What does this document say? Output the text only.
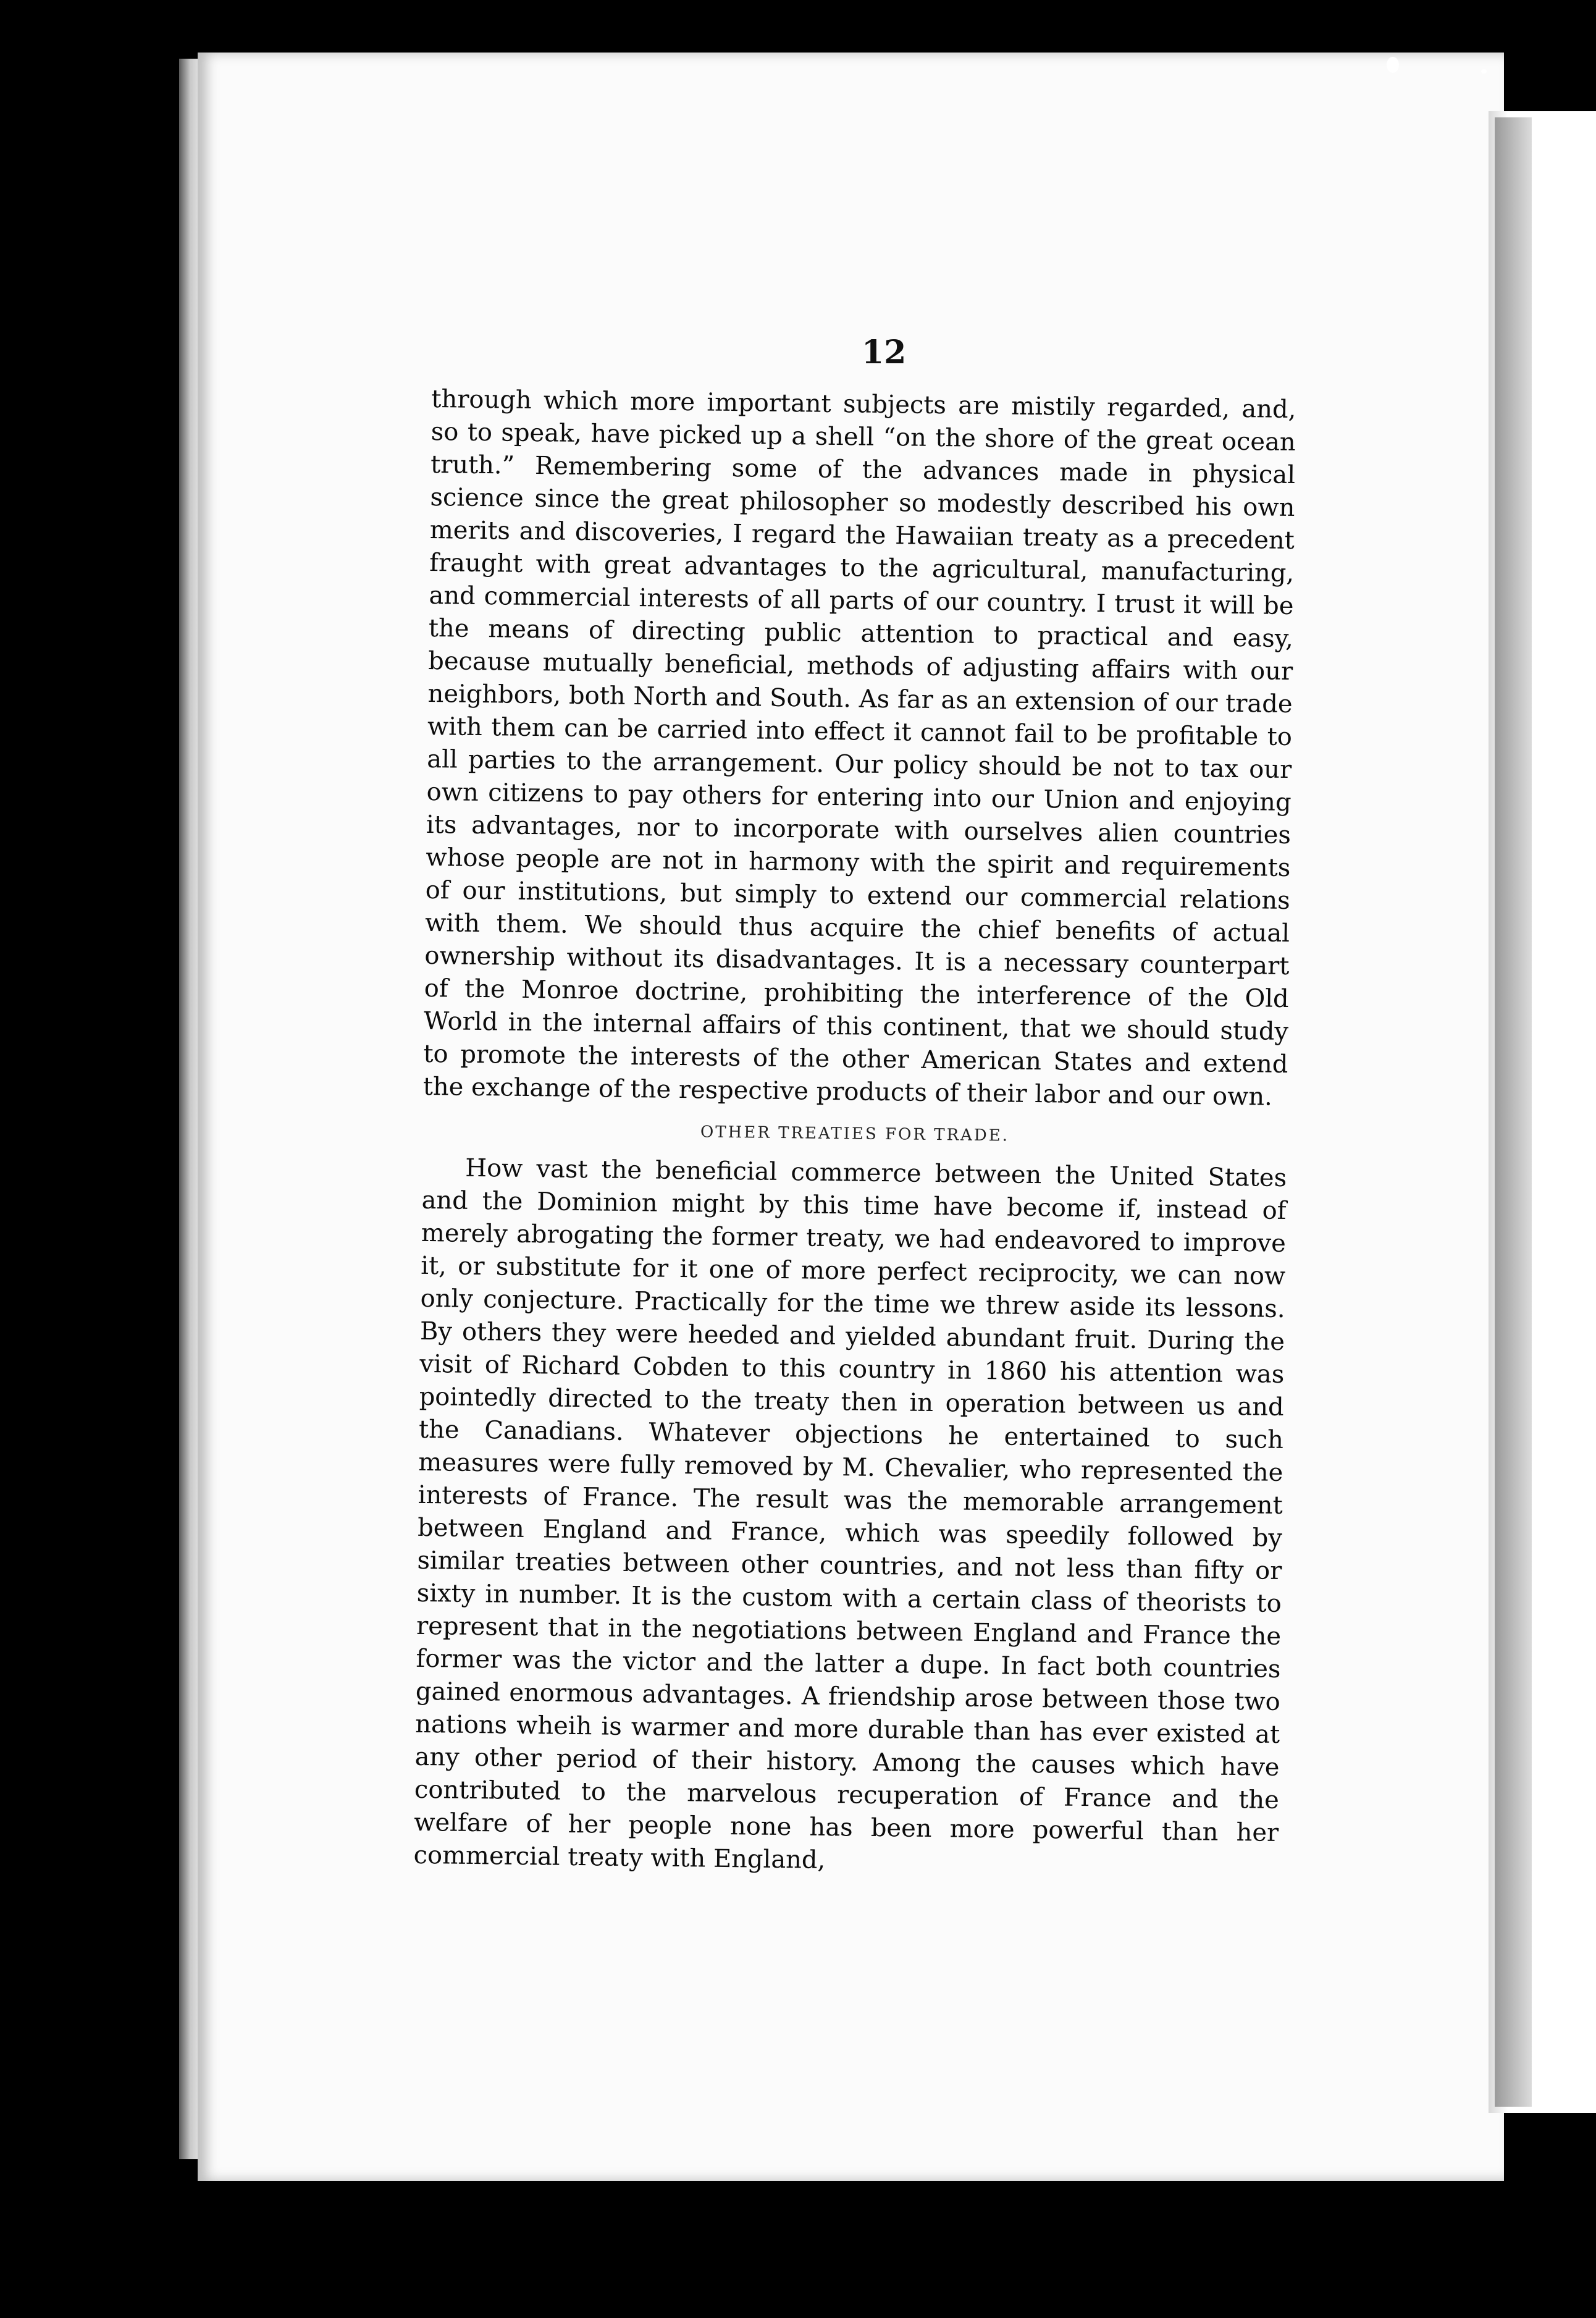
12

through which more important subjects are mistily regarded, and, so to speak, have picked up a shell “on the shore of the great ocean truth.” Remembering some of the advances made in physical science since the great philosopher so modestly described his own merits and discoveries, I regard the Hawaiian treaty as a precedent fraught with great advantages to the agricultural, manufacturing, and commercial interests of all parts of our country. I trust it will be the means of directing public attention to practical and easy, because mutually beneficial, methods of adjusting affairs with our neighbors, both North and South. As far as an extension of our trade with them can be carried into effect it cannot fail to be profitable to all parties to the arrangement. Our policy should be not to tax our own citizens to pay others for entering into our Union and enjoying its advantages, nor to incorporate with ourselves alien countries whose people are not in harmony with the spirit and requirements of our institutions, but simply to extend our commercial relations with them. We should thus acquire the chief benefits of actual ownership without its disadvantages. It is a necessary counterpart of the Monroe doctrine, prohibiting the interference of the Old World in the internal affairs of this continent, that we should study to promote the interests of the other American States and extend the exchange of the respective products of their labor and our own.

OTHER TREATIES FOR TRADE.

How vast the beneficial commerce between the United States and the Dominion might by this time have become if, instead of merely abrogating the former treaty, we had endeavored to improve it, or substitute for it one of more perfect reciprocity, we can now only conjecture. Practically for the time we threw aside its lessons. By others they were heeded and yielded abundant fruit. During the visit of Richard Cobden to this country in 1860 his attention was pointedly directed to the treaty then in operation between us and the Canadians. Whatever objections he entertained to such measures were fully removed by M. Chevalier, who represented the interests of France. The result was the memorable arrangement between England and France, which was speedily followed by similar treaties between other countries, and not less than fifty or sixty in number. It is the custom with a certain class of theorists to represent that in the negotiations between England and France the former was the victor and the latter a dupe. In fact both countries gained enormous advantages. A friendship arose between those two nations wheih is warmer and more durable than has ever existed at any other period of their history. Among the causes which have contributed to the marvelous recuperation of France and the welfare of her people none has been more powerful than her commercial treaty with England,
